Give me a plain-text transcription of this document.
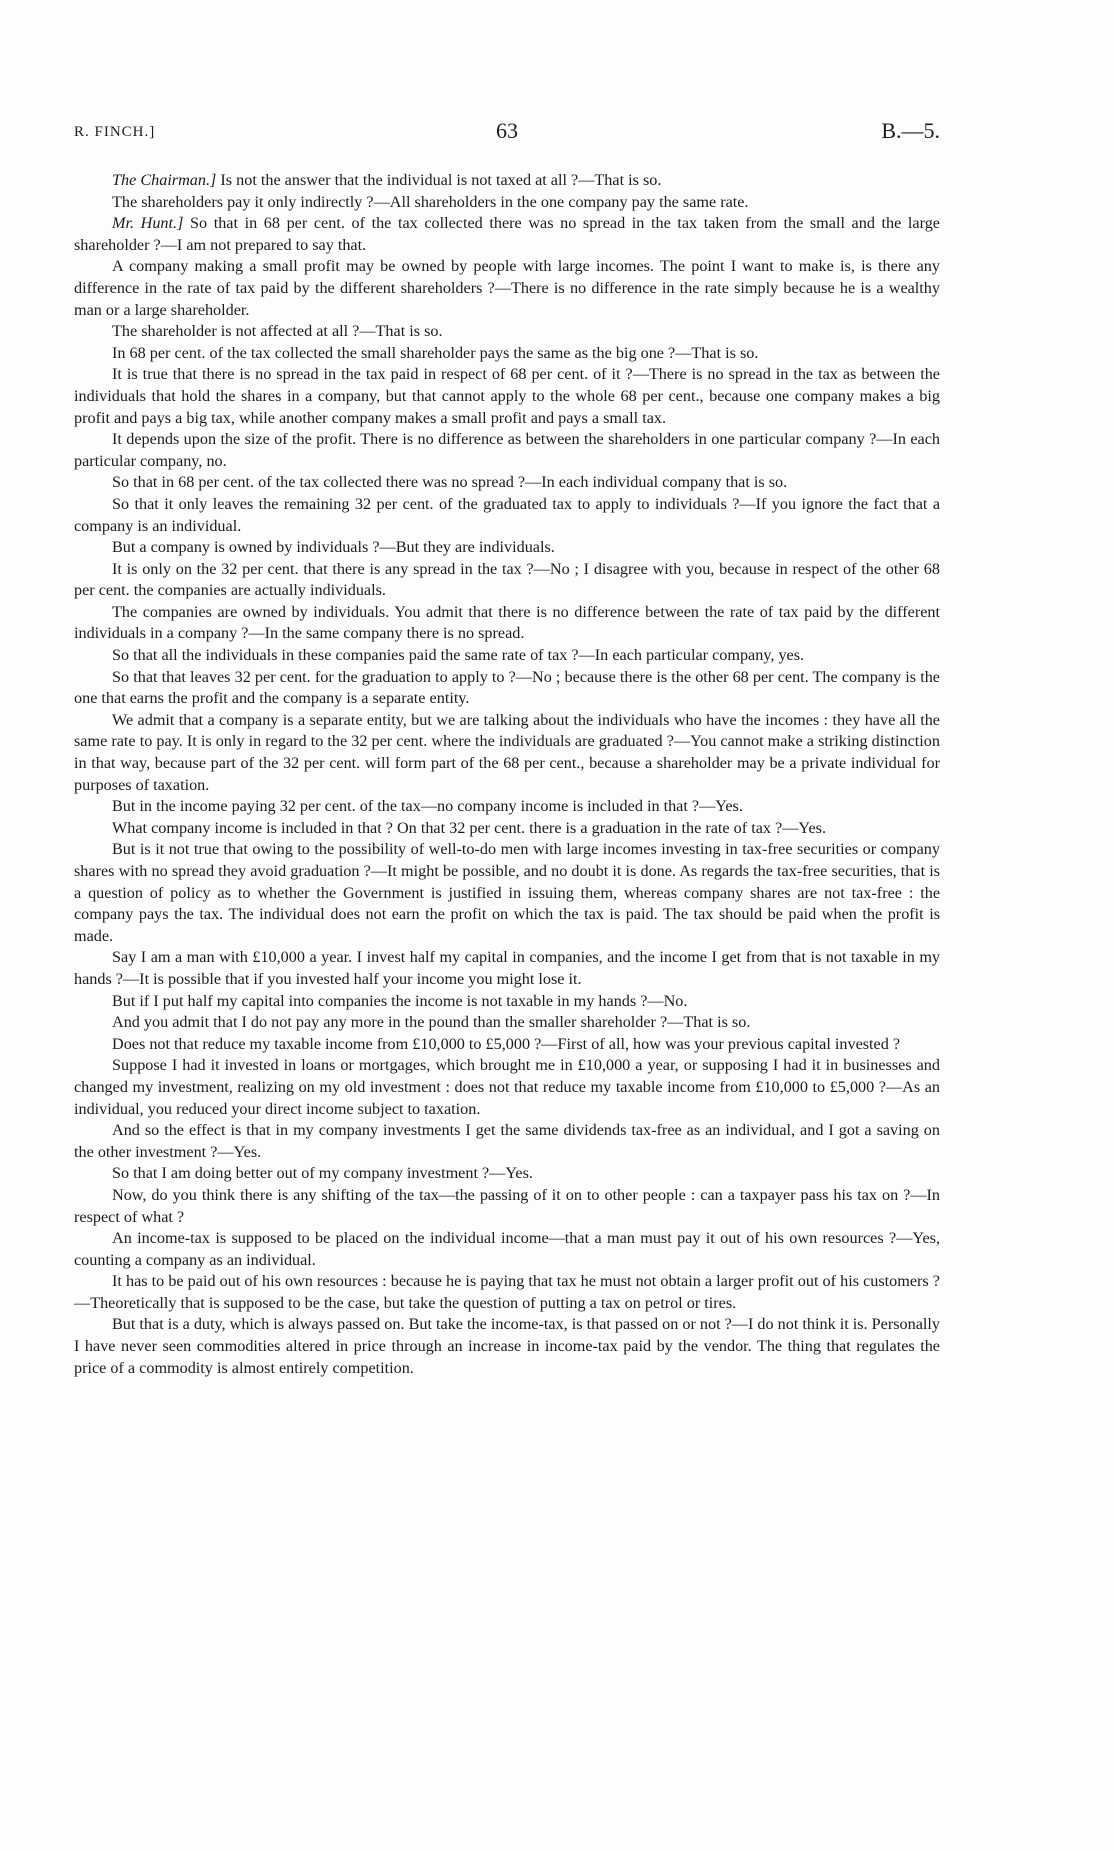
R. FINCH.]	63	B.—5.

The Chairman.] Is not the answer that the individual is not taxed at all ?—That is so.

The shareholders pay it only indirectly ?—All shareholders in the one company pay the same rate.

Mr. Hunt.] So that in 68 per cent. of the tax collected there was no spread in the tax taken from the small and the large shareholder ?—I am not prepared to say that.

A company making a small profit may be owned by people with large incomes. The point I want to make is, is there any difference in the rate of tax paid by the different shareholders ?—There is no difference in the rate simply because he is a wealthy man or a large shareholder.

The shareholder is not affected at all ?—That is so.

In 68 per cent. of the tax collected the small shareholder pays the same as the big one ?—That is so.

It is true that there is no spread in the tax paid in respect of 68 per cent. of it ?—There is no spread in the tax as between the individuals that hold the shares in a company, but that cannot apply to the whole 68 per cent., because one company makes a big profit and pays a big tax, while another company makes a small profit and pays a small tax.

It depends upon the size of the profit. There is no difference as between the shareholders in one particular company ?—In each particular company, no.

So that in 68 per cent. of the tax collected there was no spread ?—In each individual company that is so.

So that it only leaves the remaining 32 per cent. of the graduated tax to apply to individuals ?—If you ignore the fact that a company is an individual.

But a company is owned by individuals ?—But they are individuals.

It is only on the 32 per cent. that there is any spread in the tax ?—No ; I disagree with you, because in respect of the other 68 per cent. the companies are actually individuals.

The companies are owned by individuals. You admit that there is no difference between the rate of tax paid by the different individuals in a company ?—In the same company there is no spread.

So that all the individuals in these companies paid the same rate of tax ?—In each particular company, yes.

So that that leaves 32 per cent. for the graduation to apply to ?—No ; because there is the other 68 per cent. The company is the one that earns the profit and the company is a separate entity.

We admit that a company is a separate entity, but we are talking about the individuals who have the incomes : they have all the same rate to pay. It is only in regard to the 32 per cent. where the individuals are graduated ?—You cannot make a striking distinction in that way, because part of the 32 per cent. will form part of the 68 per cent., because a shareholder may be a private individual for purposes of taxation.

But in the income paying 32 per cent. of the tax—no company income is included in that ?—Yes.

What company income is included in that ? On that 32 per cent. there is a graduation in the rate of tax ?—Yes.

But is it not true that owing to the possibility of well-to-do men with large incomes investing in tax-free securities or company shares with no spread they avoid graduation ?—It might be possible, and no doubt it is done. As regards the tax-free securities, that is a question of policy as to whether the Government is justified in issuing them, whereas company shares are not tax-free : the company pays the tax. The individual does not earn the profit on which the tax is paid. The tax should be paid when the profit is made.

Say I am a man with £10,000 a year. I invest half my capital in companies, and the income I get from that is not taxable in my hands ?—It is possible that if you invested half your income you might lose it.

But if I put half my capital into companies the income is not taxable in my hands ?—No.

And you admit that I do not pay any more in the pound than the smaller shareholder ?—That is so.

Does not that reduce my taxable income from £10,000 to £5,000 ?—First of all, how was your previous capital invested ?

Suppose I had it invested in loans or mortgages, which brought me in £10,000 a year, or supposing I had it in businesses and changed my investment, realizing on my old investment : does not that reduce my taxable income from £10,000 to £5,000 ?—As an individual, you reduced your direct income subject to taxation.

And so the effect is that in my company investments I get the same dividends tax-free as an individual, and I got a saving on the other investment ?—Yes.

So that I am doing better out of my company investment ?—Yes.

Now, do you think there is any shifting of the tax—the passing of it on to other people : can a taxpayer pass his tax on ?—In respect of what ?

An income-tax is supposed to be placed on the individual income—that a man must pay it out of his own resources ?—Yes, counting a company as an individual.

It has to be paid out of his own resources : because he is paying that tax he must not obtain a larger profit out of his customers ?—Theoretically that is supposed to be the case, but take the question of putting a tax on petrol or tires.

But that is a duty, which is always passed on. But take the income-tax, is that passed on or not ?—I do not think it is. Personally I have never seen commodities altered in price through an increase in income-tax paid by the vendor. The thing that regulates the price of a commodity is almost entirely competition.
